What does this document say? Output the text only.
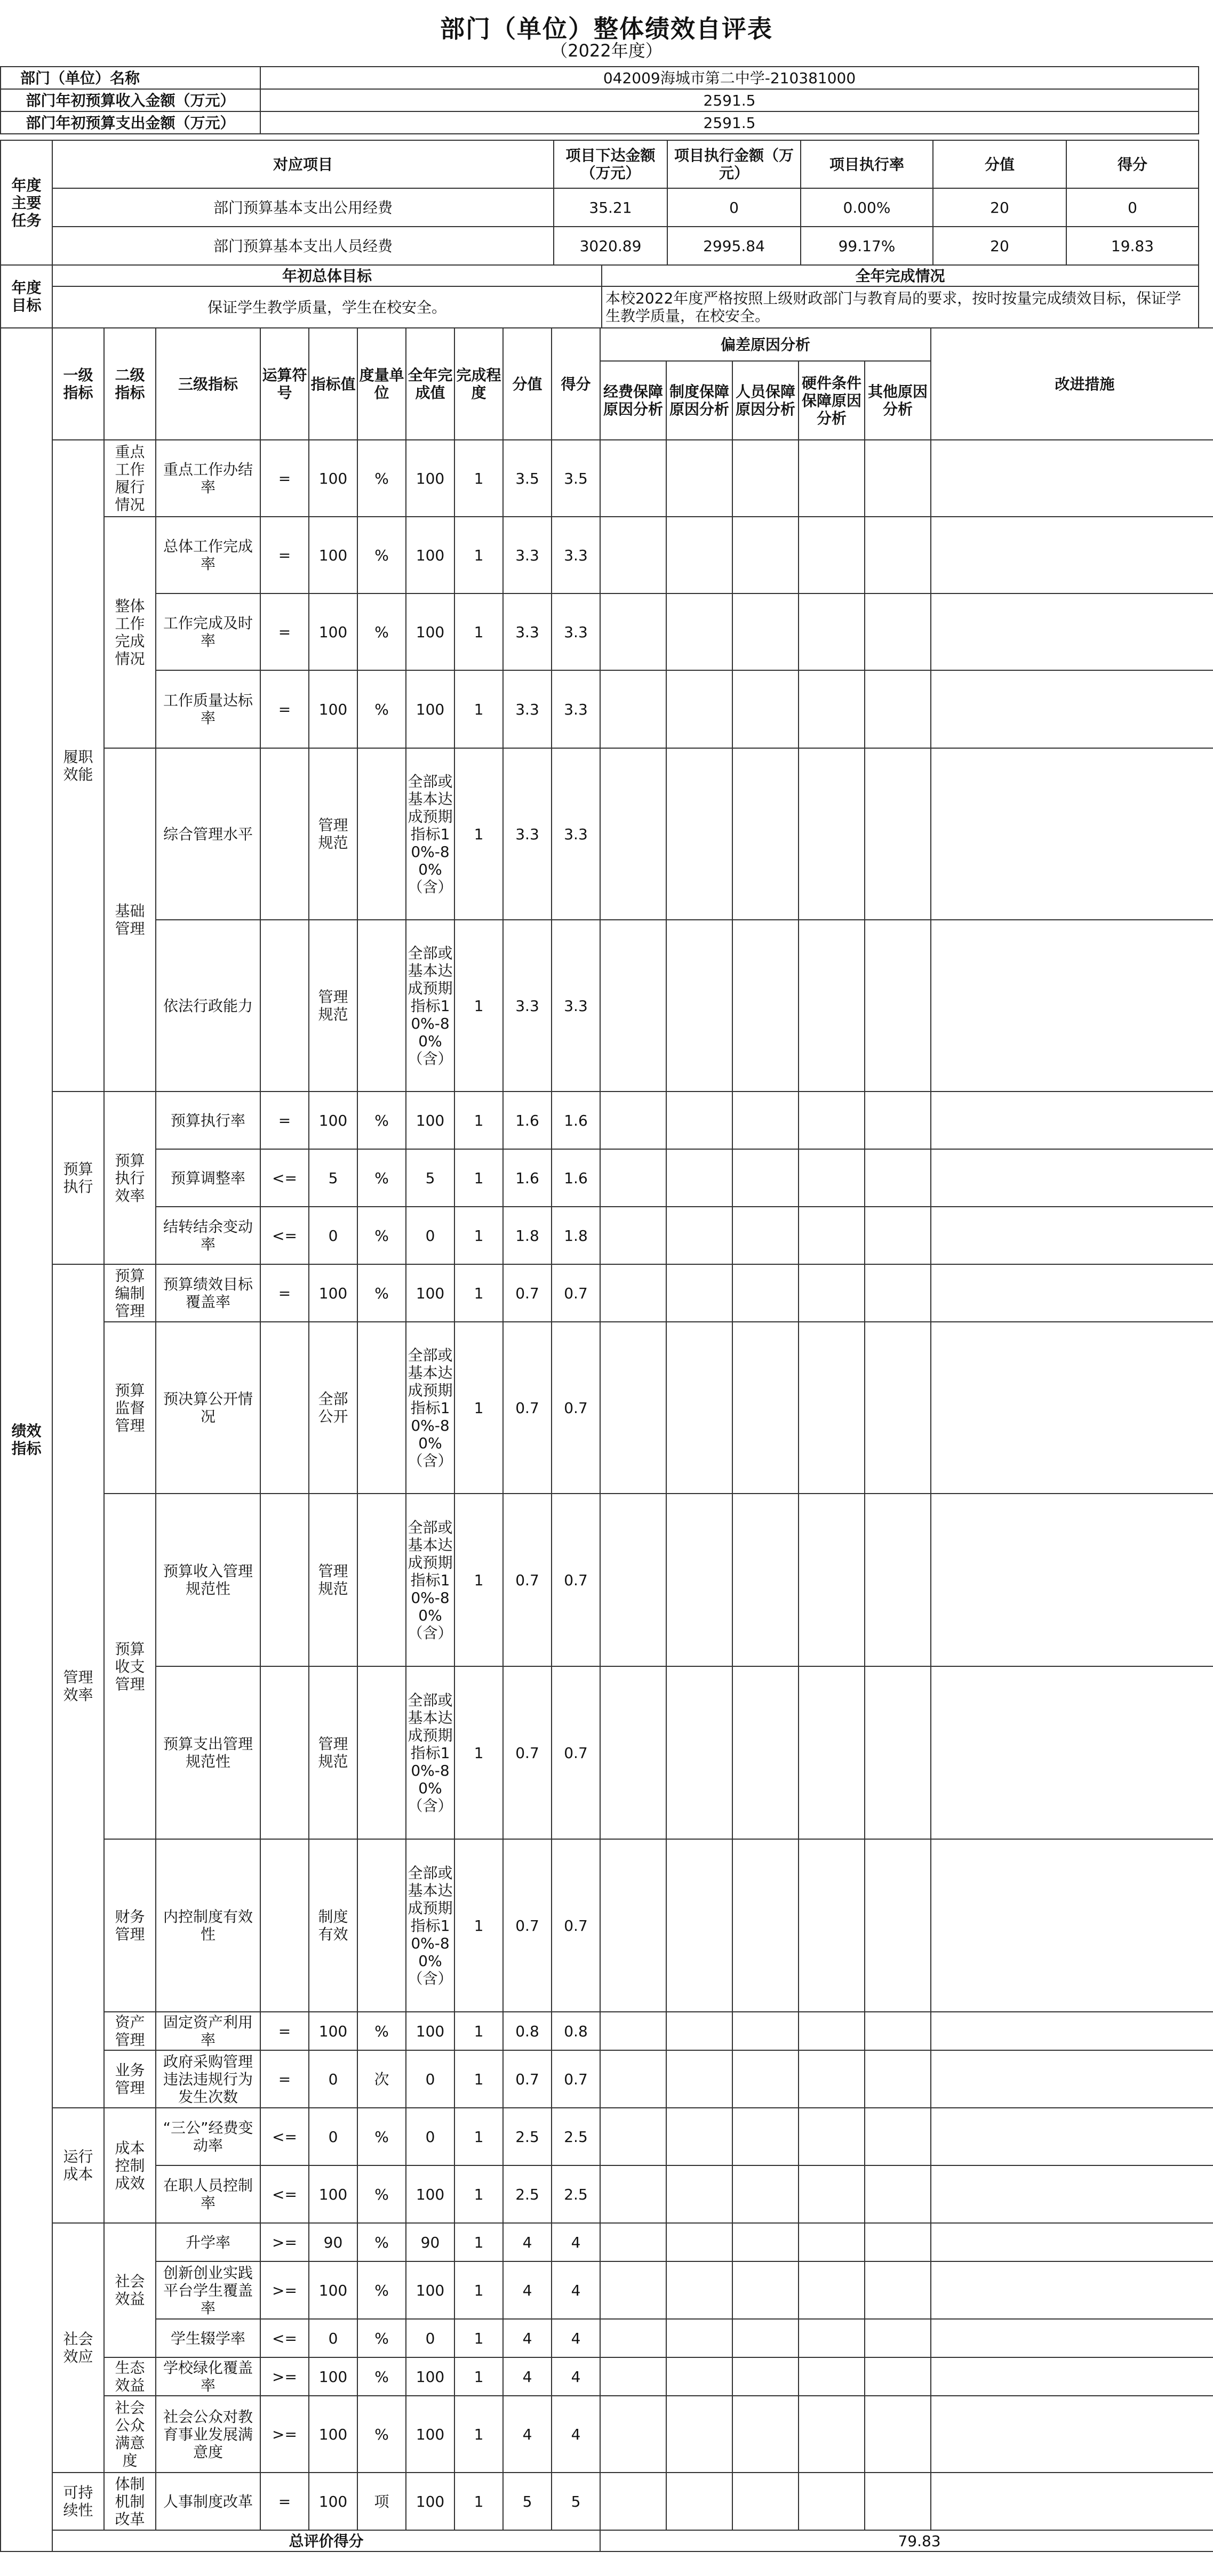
部门（单位）整体绩效自评表
（2022年度）
部门（单位）名称	042009海城市第二中学-210381000
部门年初预算收入金额（万元）	2591.5
部门年初预算支出金额（万元）	2591.5
年度主要任务	对应项目	项目下达金额（万元）	项目执行金额（万元）	项目执行率	分值	得分
	部门预算基本支出公用经费	35.21	0	0.00%	20	0
	部门预算基本支出人员经费	3020.89	2995.84	99.17%	20	19.83
年度目标	年初总体目标	全年完成情况
	保证学生教学质量，学生在校安全。	本校2022年度严格按照上级财政部门与教育局的要求，按时按量完成绩效目标，保证学生教学质量，在校安全。
绩效指标	一级指标	二级指标	三级指标	运算符号	指标值	度量单位	全年完成值	完成程度	分值	得分	偏差原因分析					改进措施
											经费保障原因分析	制度保障原因分析	人员保障原因分析	硬件条件保障原因分析	其他原因分析	
	履职效能	重点工作履行情况	重点工作办结率	=	100	%	100	1	3.5	3.5						
		整体工作完成情况	总体工作完成率	=	100	%	100	1	3.3	3.3						
			工作完成及时率	=	100	%	100	1	3.3	3.3						
			工作质量达标率	=	100	%	100	1	3.3	3.3						
		基础管理	综合管理水平		管理规范		全部或基本达成预期指标10%-80%（含）	1	3.3	3.3						
			依法行政能力		管理规范		全部或基本达成预期指标10%-80%（含）	1	3.3	3.3						
	预算执行	预算执行效率	预算执行率	=	100	%	100	1	1.6	1.6						
			预算调整率	<=	5	%	5	1	1.6	1.6						
			结转结余变动率	<=	0	%	0	1	1.8	1.8						
	管理效率	预算编制管理	预算绩效目标覆盖率	=	100	%	100	1	0.7	0.7						
		预算监督管理	预决算公开情况		全部公开		全部或基本达成预期指标10%-80%（含）	1	0.7	0.7						
		预算收支管理	预算收入管理规范性		管理规范		全部或基本达成预期指标10%-80%（含）	1	0.7	0.7						
			预算支出管理规范性		管理规范		全部或基本达成预期指标10%-80%（含）	1	0.7	0.7						
		财务管理	内控制度有效性		制度有效		全部或基本达成预期指标10%-80%（含）	1	0.7	0.7						
		资产管理	固定资产利用率	=	100	%	100	1	0.8	0.8						
		业务管理	政府采购管理违法违规行为发生次数	=	0	次	0	1	0.7	0.7						
	运行成本	成本控制成效	“三公”经费变动率	<=	0	%	0	1	2.5	2.5						
			在职人员控制率	<=	100	%	100	1	2.5	2.5						
	社会效应	社会效益	升学率	>=	90	%	90	1	4	4						
			创新创业实践平台学生覆盖率	>=	100	%	100	1	4	4						
			学生辍学率	<=	0	%	0	1	4	4						
		生态效益	学校绿化覆盖率	>=	100	%	100	1	4	4						
		社会公众满意度	社会公众对教育事业发展满意度	>=	100	%	100	1	4	4						
	可持续性	体制机制改革	人事制度改革	=	100	项	100	1	5	5						
	总评价得分										79.83					
